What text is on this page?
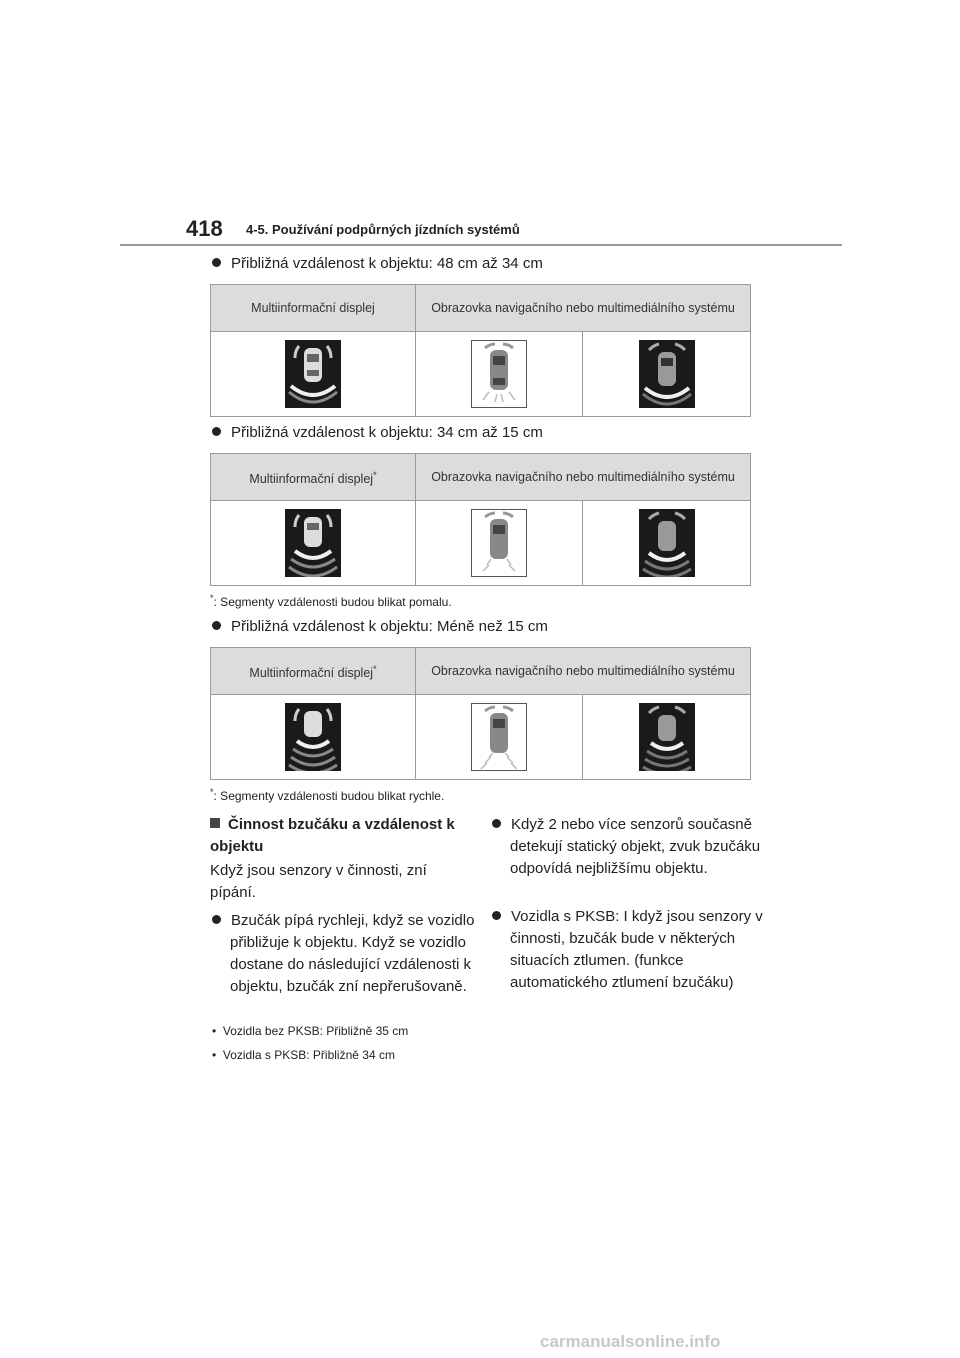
418 4-5. Používání podpůrných jízdních systémů
Přibližná vzdálenost k objektu: 48 cm až 34 cm
Multiinformační displej	Obrazovka navigačního nebo multimediálního systému	

Přibližná vzdálenost k objektu: 34 cm až 15 cm
Multiinformační displej*	Obrazovka navigačního nebo multimediálního systému	

*: Segmenty vzdálenosti budou blikat pomalu.
Přibližná vzdálenost k objektu: Méně než 15 cm
Multiinformační displej*	Obrazovka navigačního nebo multimediálního systému	

*: Segmenty vzdálenosti budou blikat rychle.
Činnost bzučáku a vzdálenost k objektu
Když jsou senzory v činnosti, zní pípání.
Bzučák pípá rychleji, když se vozidlo přibližuje k objektu. Když se vozidlo dostane do následující vzdálenosti k objektu, bzučák zní nepřerušovaně.
•  Vozidla bez PKSB: Přibližně 35 cm
•  Vozidla s PKSB: Přibližně 34 cm
Když 2 nebo více senzorů současně detekují statický objekt, zvuk bzučáku odpovídá nejbližšímu objektu.
Vozidla s PKSB: I když jsou senzory v činnosti, bzučák bude v některých situacích ztlumen. (funkce automatického ztlumení bzučáku)
carmanualsonline.info
